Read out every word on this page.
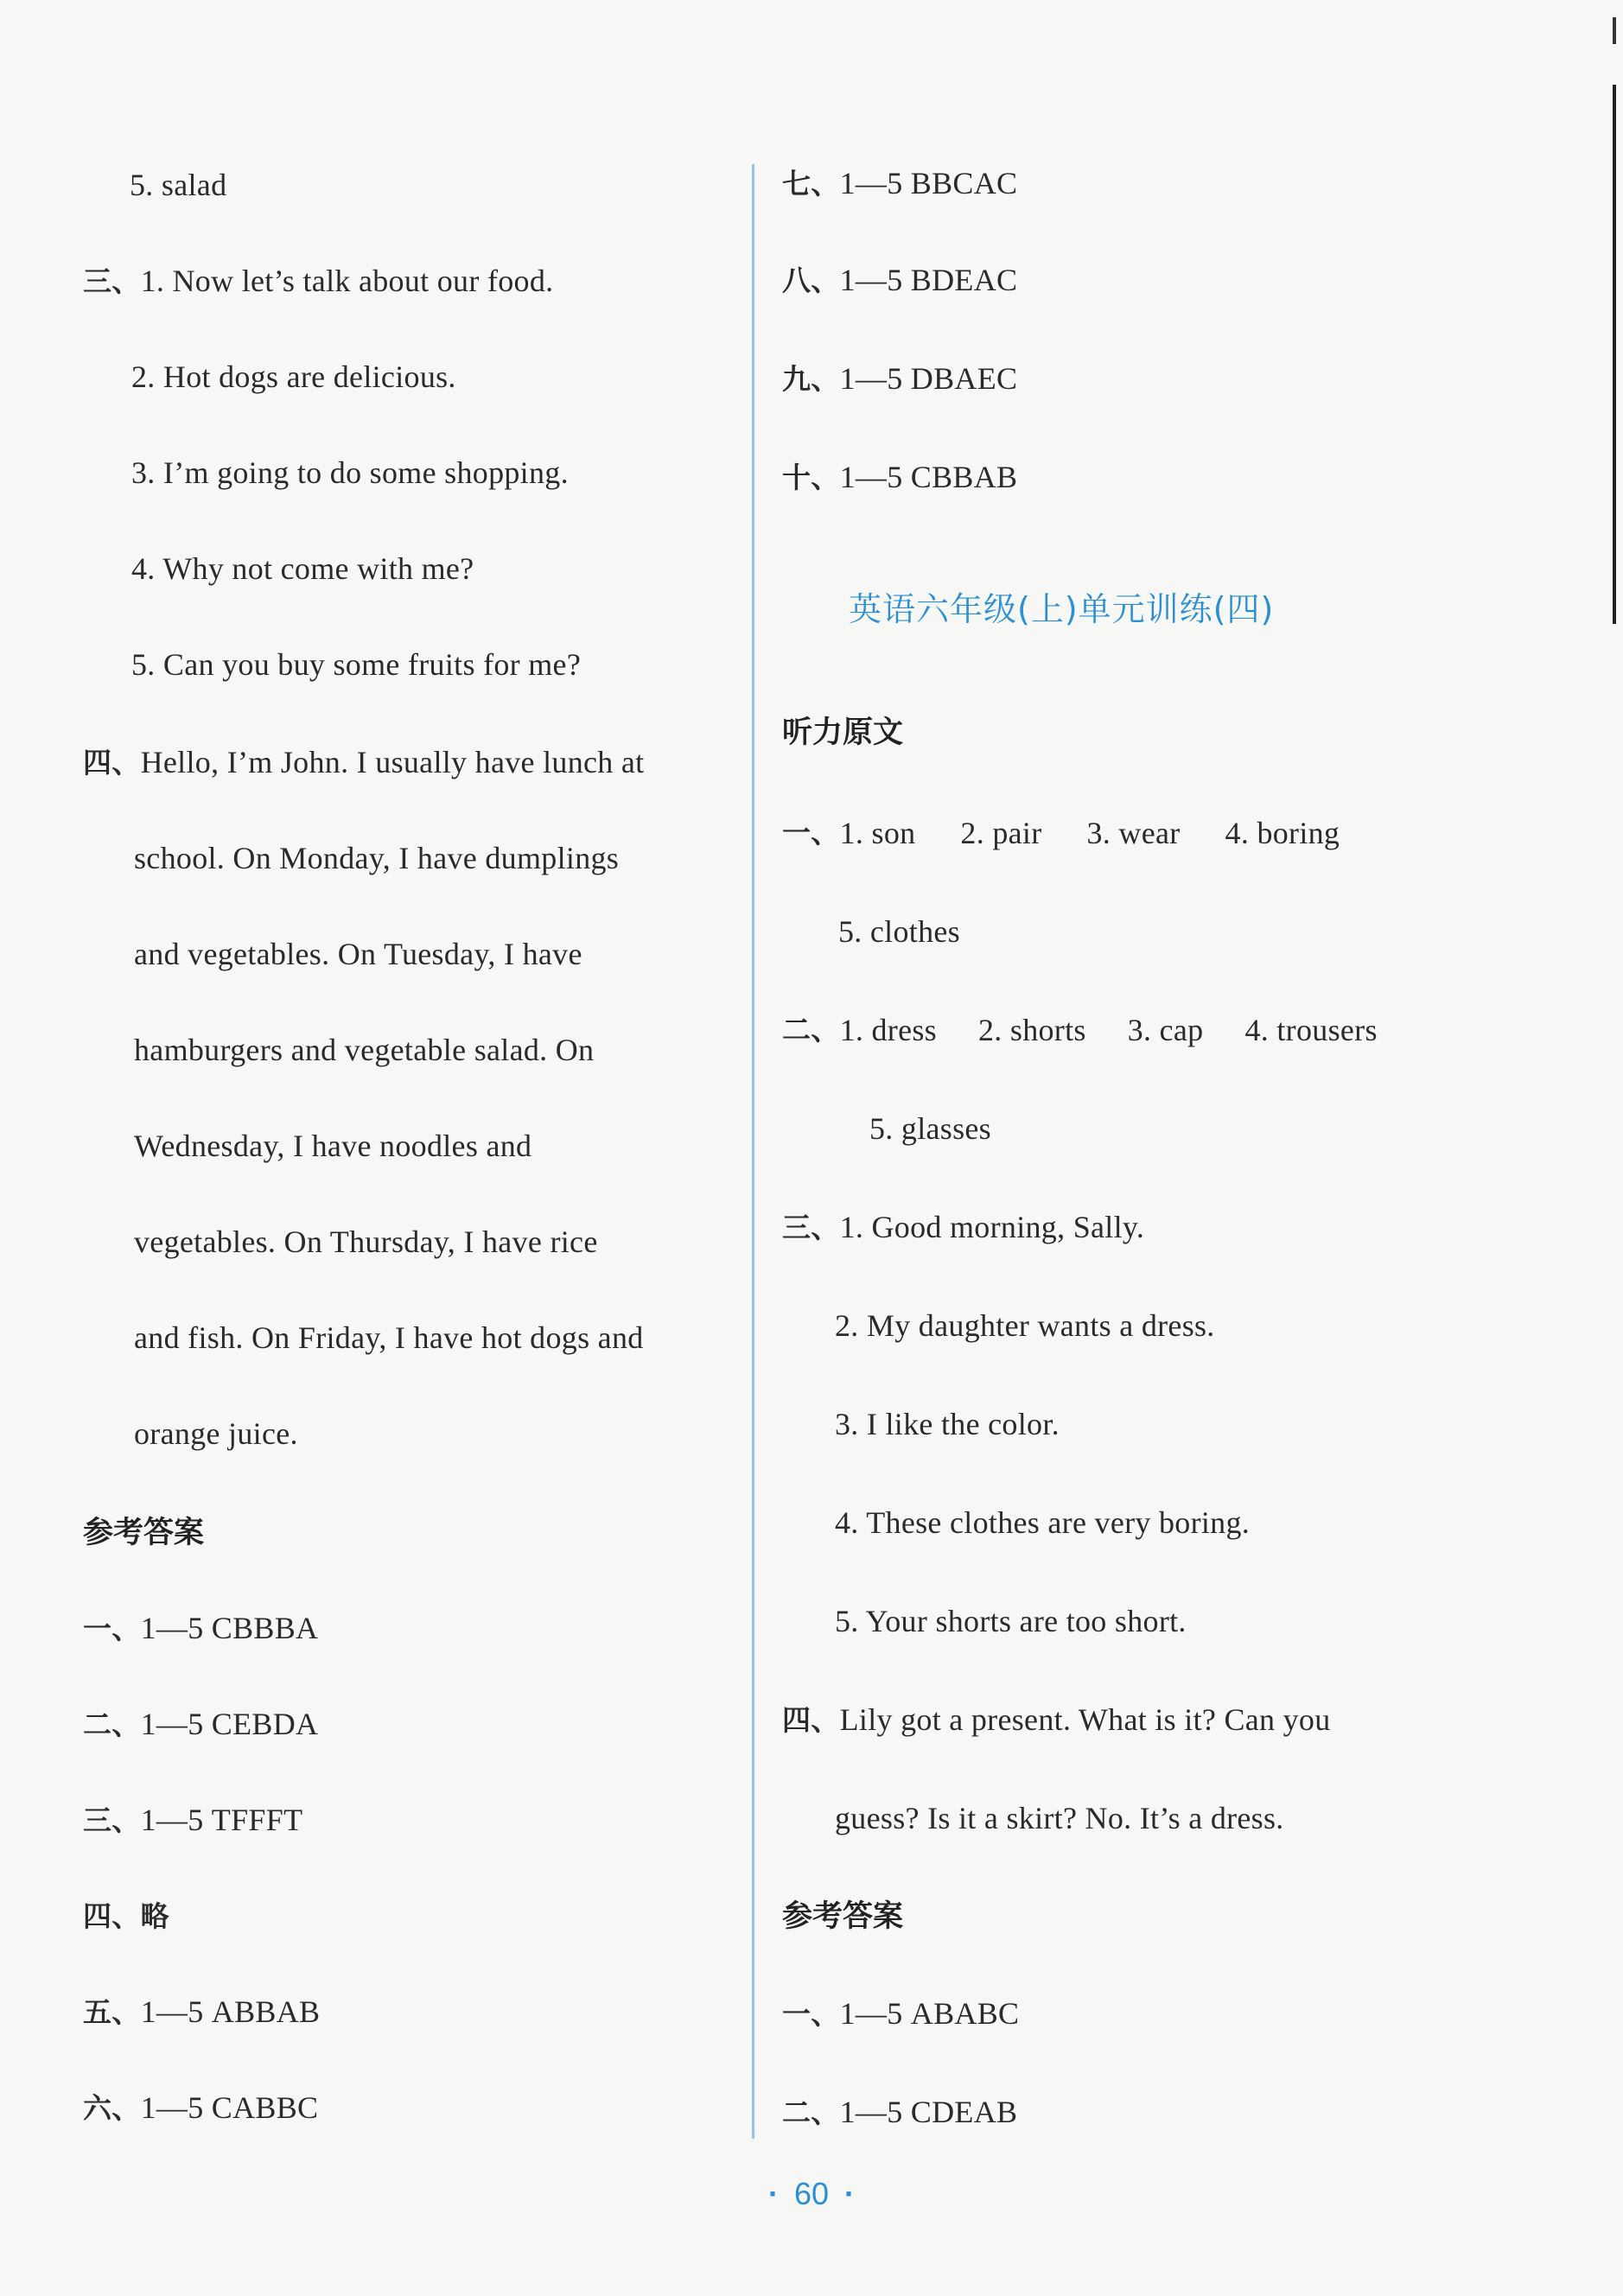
5. salad
三、1. Now let’s talk about our food.
2. Hot dogs are delicious.
3. I’m going to do some shopping.
4. Why not come with me?
5. Can you buy some fruits for me?
四、Hello, I’m John. I usually have lunch at
school. On Monday, I have dumplings
and vegetables. On Tuesday, I have
hamburgers and vegetable salad. On
Wednesday, I have noodles and
vegetables. On Thursday, I have rice
and fish. On Friday, I have hot dogs and
orange juice.
参考答案
一、1—5 CBBBA
二、1—5 CEBDA
三、1—5 TFFFT
四、略
五、1—5 ABBAB
六、1—5 CABBC
七、1—5 BBCAC
八、1—5 BDEAC
九、1—5 DBAEC
十、1—5 CBBAB
英语六年级(上)单元训练(四)
听力原文
一、 1. son 2. pair 3. wear 4. boring
5. clothes
二、 1. dress 2. shorts 3. cap 4. trousers
5. glasses
三、1. Good morning, Sally.
2. My daughter wants a dress.
3. I like the color.
4. These clothes are very boring.
5. Your shorts are too short.
四、Lily got a present. What is it? Can you
guess? Is it a skirt? No. It’s a dress.
参考答案
一、1—5 ABABC
二、1—5 CDEAB
· 60 ·
